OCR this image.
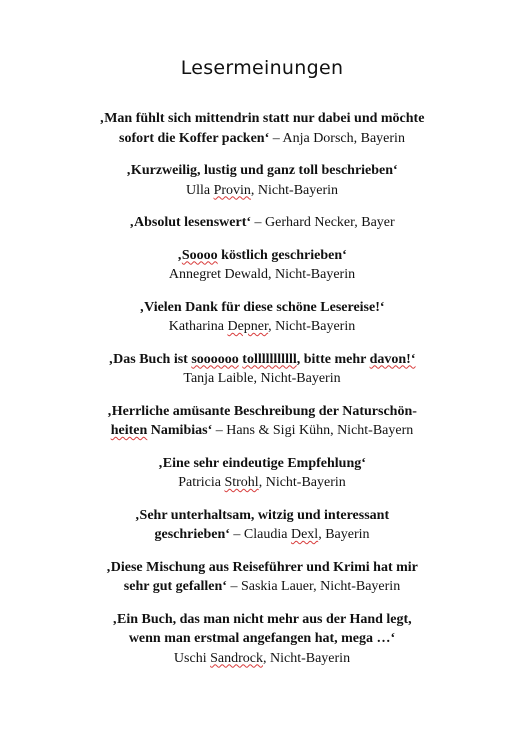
Lesermeinungen
‚Man fühlt sich mittendrin statt nur dabei und möchte
sofort die Koffer packen‘ – Anja Dorsch, Bayerin
‚Kurzweilig, lustig und ganz toll beschrieben‘
Ulla Provin, Nicht-Bayerin
‚Absolut lesenswert‘ – Gerhard Necker, Bayer
‚Soooo köstlich geschrieben‘
Annegret Dewald, Nicht-Bayerin
‚Vielen Dank für diese schöne Lesereise!‘
Katharina Depner, Nicht-Bayerin
‚Das Buch ist soooooo tolllllllllll, bitte mehr davon!‘
Tanja Laible, Nicht-Bayerin
‚Herrliche amüsante Beschreibung der Naturschön-
heiten Namibias‘ – Hans & Sigi Kühn, Nicht-Bayern
‚Eine sehr eindeutige Empfehlung‘
Patricia Strohl, Nicht-Bayerin
‚Sehr unterhaltsam, witzig und interessant
geschrieben‘ – Claudia Dexl, Bayerin
‚Diese Mischung aus Reiseführer und Krimi hat mir
sehr gut gefallen‘ – Saskia Lauer, Nicht-Bayerin
‚Ein Buch, das man nicht mehr aus der Hand legt,
wenn man erstmal angefangen hat, mega …‘
Uschi Sandrock, Nicht-Bayerin
